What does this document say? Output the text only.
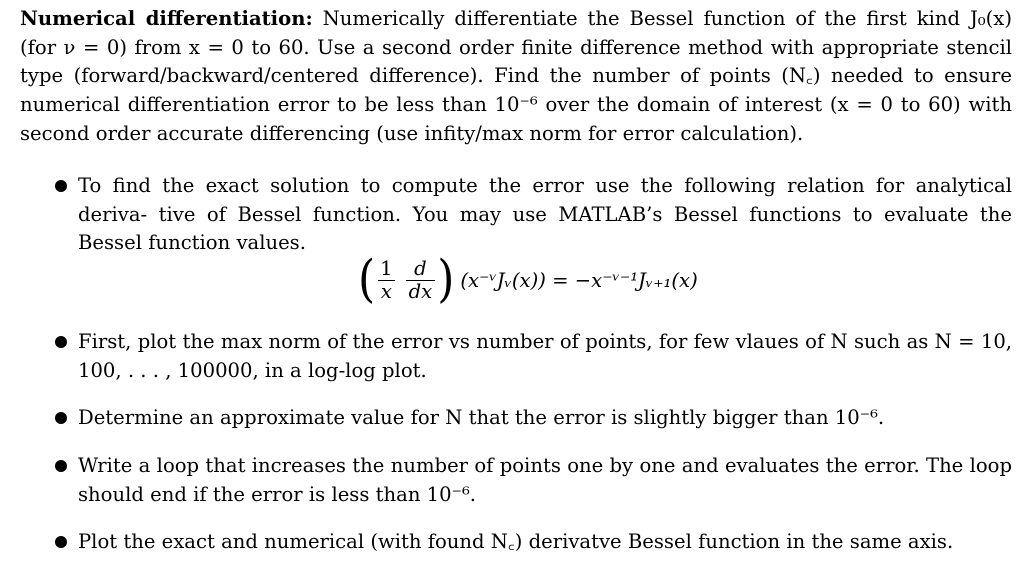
Numerical differentiation: Numerically differentiate the Bessel function of the first kind J₀(x) (for ν = 0) from x = 0 to 60. Use a second order finite difference method with appropriate stencil type (forward/backward/centered difference). Find the number of points (N꜀) needed to ensure numerical differentiation error to be less than 10⁻⁶ over the domain of interest (x = 0 to 60) with second order accurate differencing (use infity/max norm for error calculation).

To find the exact solution to compute the error use the following relation for analytical deriva- tive of Bessel function. You may use MATLAB’s Bessel functions to evaluate the Bessel function values.

( $\frac{1}{x} \frac{d}{dx}$ ) (x⁻ᵛJᵥ(x)) = −x⁻ᵛ⁻¹Jᵥ₊₁(x)

First, plot the max norm of the error vs number of points, for few vlaues of N such as N = 10, 100, . . . , 100000, in a log-log plot.

Determine an approximate value for N that the error is slightly bigger than 10⁻⁶.

Write a loop that increases the number of points one by one and evaluates the error. The loop should end if the error is less than 10⁻⁶.

Plot the exact and numerical (with found N꜀) derivatve Bessel function in the same axis.
